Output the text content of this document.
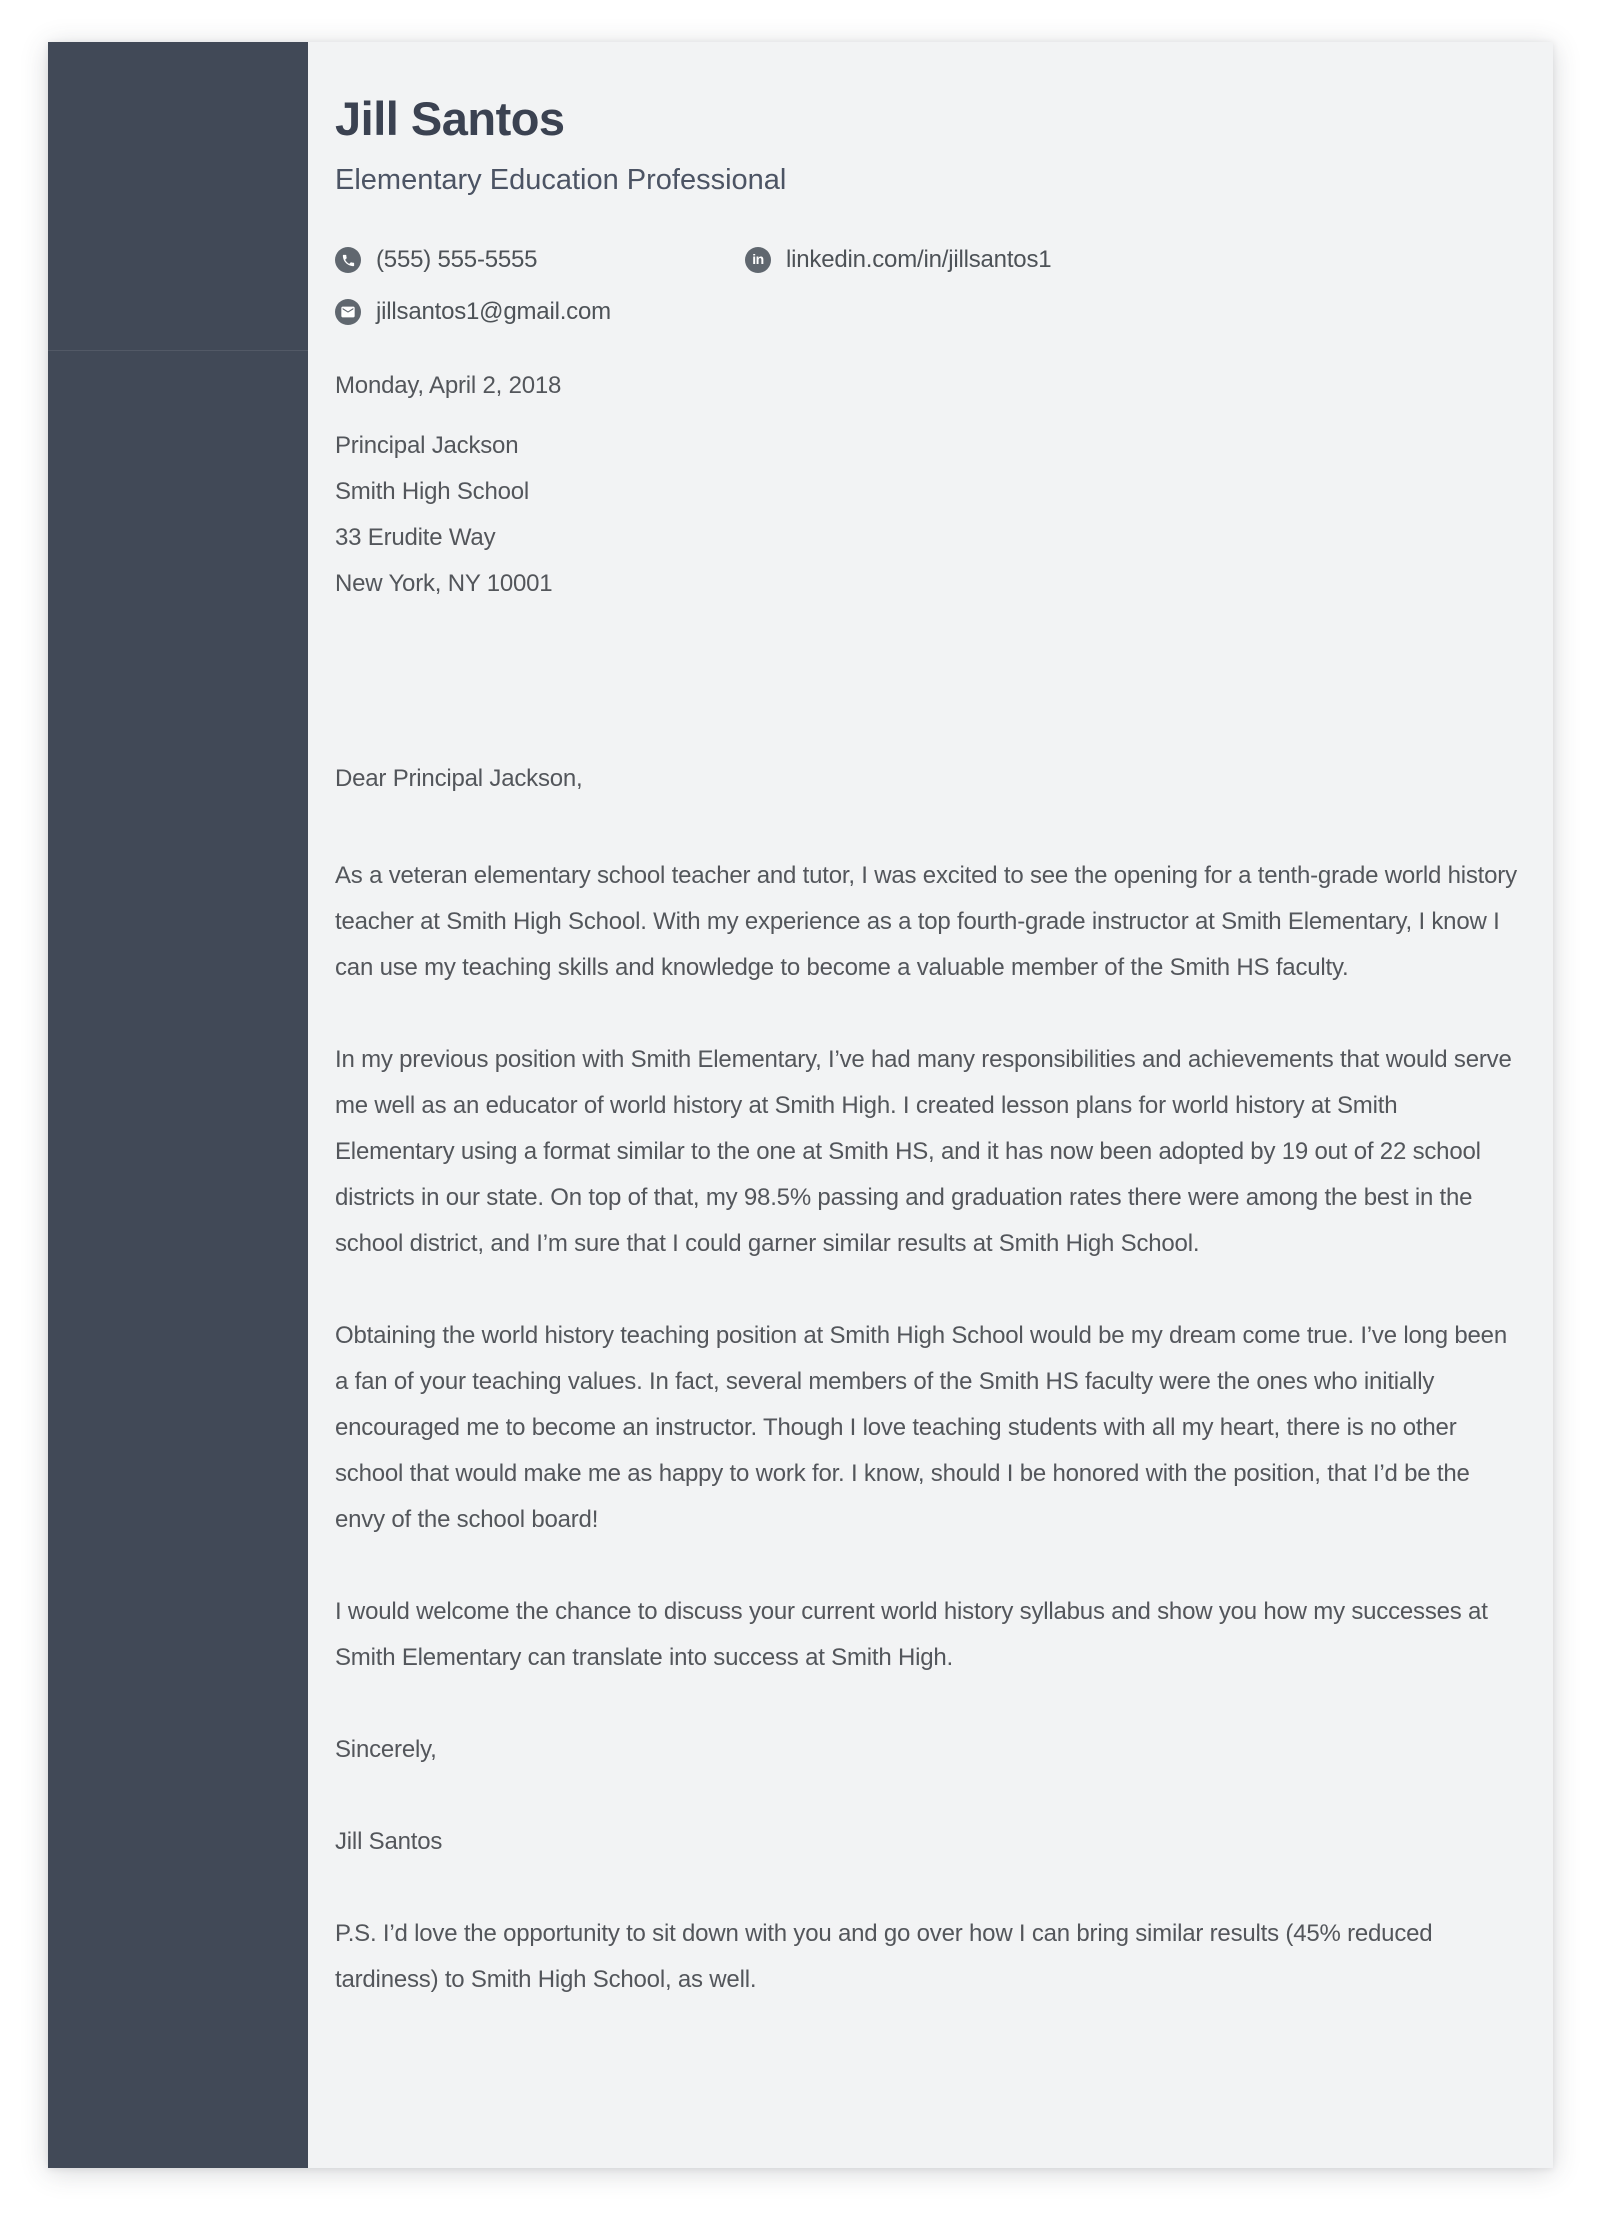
Jill Santos
Elementary Education Professional
(555) 555-5555	in linkedin.com/in/jillsantos1
jillsantos1@gmail.com
Monday, April 2, 2018
Principal Jackson
Smith High School
33 Erudite Way
New York, NY 10001
Dear Principal Jackson,

As a veteran elementary school teacher and tutor, I was excited to see the opening for a tenth-grade world history teacher at Smith High School. With my experience as a top fourth-grade instructor at Smith Elementary, I know I can use my teaching skills and knowledge to become a valuable member of the Smith HS faculty.

In my previous position with Smith Elementary, I’ve had many responsibilities and achievements that would serve me well as an educator of world history at Smith High. I created lesson plans for world history at Smith Elementary using a format similar to the one at Smith HS, and it has now been adopted by 19 out of 22 school districts in our state. On top of that, my 98.5% passing and graduation rates there were among the best in the school district, and I’m sure that I could garner similar results at Smith High School.

Obtaining the world history teaching position at Smith High School would be my dream come true. I’ve long been a fan of your teaching values. In fact, several members of the Smith HS faculty were the ones who initially encouraged me to become an instructor. Though I love teaching students with all my heart, there is no other school that would make me as happy to work for. I know, should I be honored with the position, that I’d be the envy of the school board!

I would welcome the chance to discuss your current world history syllabus and show you how my successes at Smith Elementary can translate into success at Smith High.

Sincerely,
Jill Santos

P.S. I’d love the opportunity to sit down with you and go over how I can bring similar results (45% reduced tardiness) to Smith High School, as well.
